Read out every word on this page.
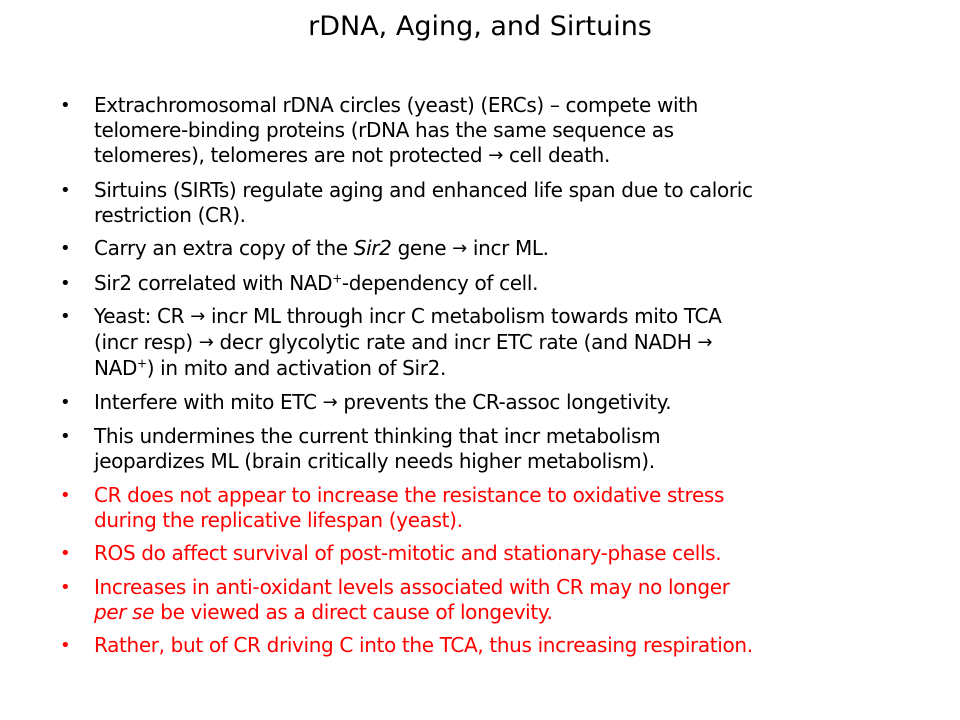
rDNA, Aging, and Sirtuins
• Extrachromosomal rDNA circles (yeast) (ERCs) – compete with
telomere-binding proteins (rDNA has the same sequence as
telomeres), telomeres are not protected → cell death.
• Sirtuins (SIRTs) regulate aging and enhanced life span due to caloric
restriction (CR).
• Carry an extra copy of the Sir2 gene → incr ML.
• Sir2 correlated with NAD+-dependency of cell.
• Yeast: CR → incr ML through incr C metabolism towards mito TCA
(incr resp) → decr glycolytic rate and incr ETC rate (and NADH →
NAD+) in mito and activation of Sir2.
• Interfere with mito ETC → prevents the CR-assoc longetivity.
• This undermines the current thinking that incr metabolism
jeopardizes ML (brain critically needs higher metabolism).
• CR does not appear to increase the resistance to oxidative stress
during the replicative lifespan (yeast).
• ROS do affect survival of post-mitotic and stationary-phase cells.
• Increases in anti-oxidant levels associated with CR may no longer
per se be viewed as a direct cause of longevity.
• Rather, but of CR driving C into the TCA, thus increasing respiration.
